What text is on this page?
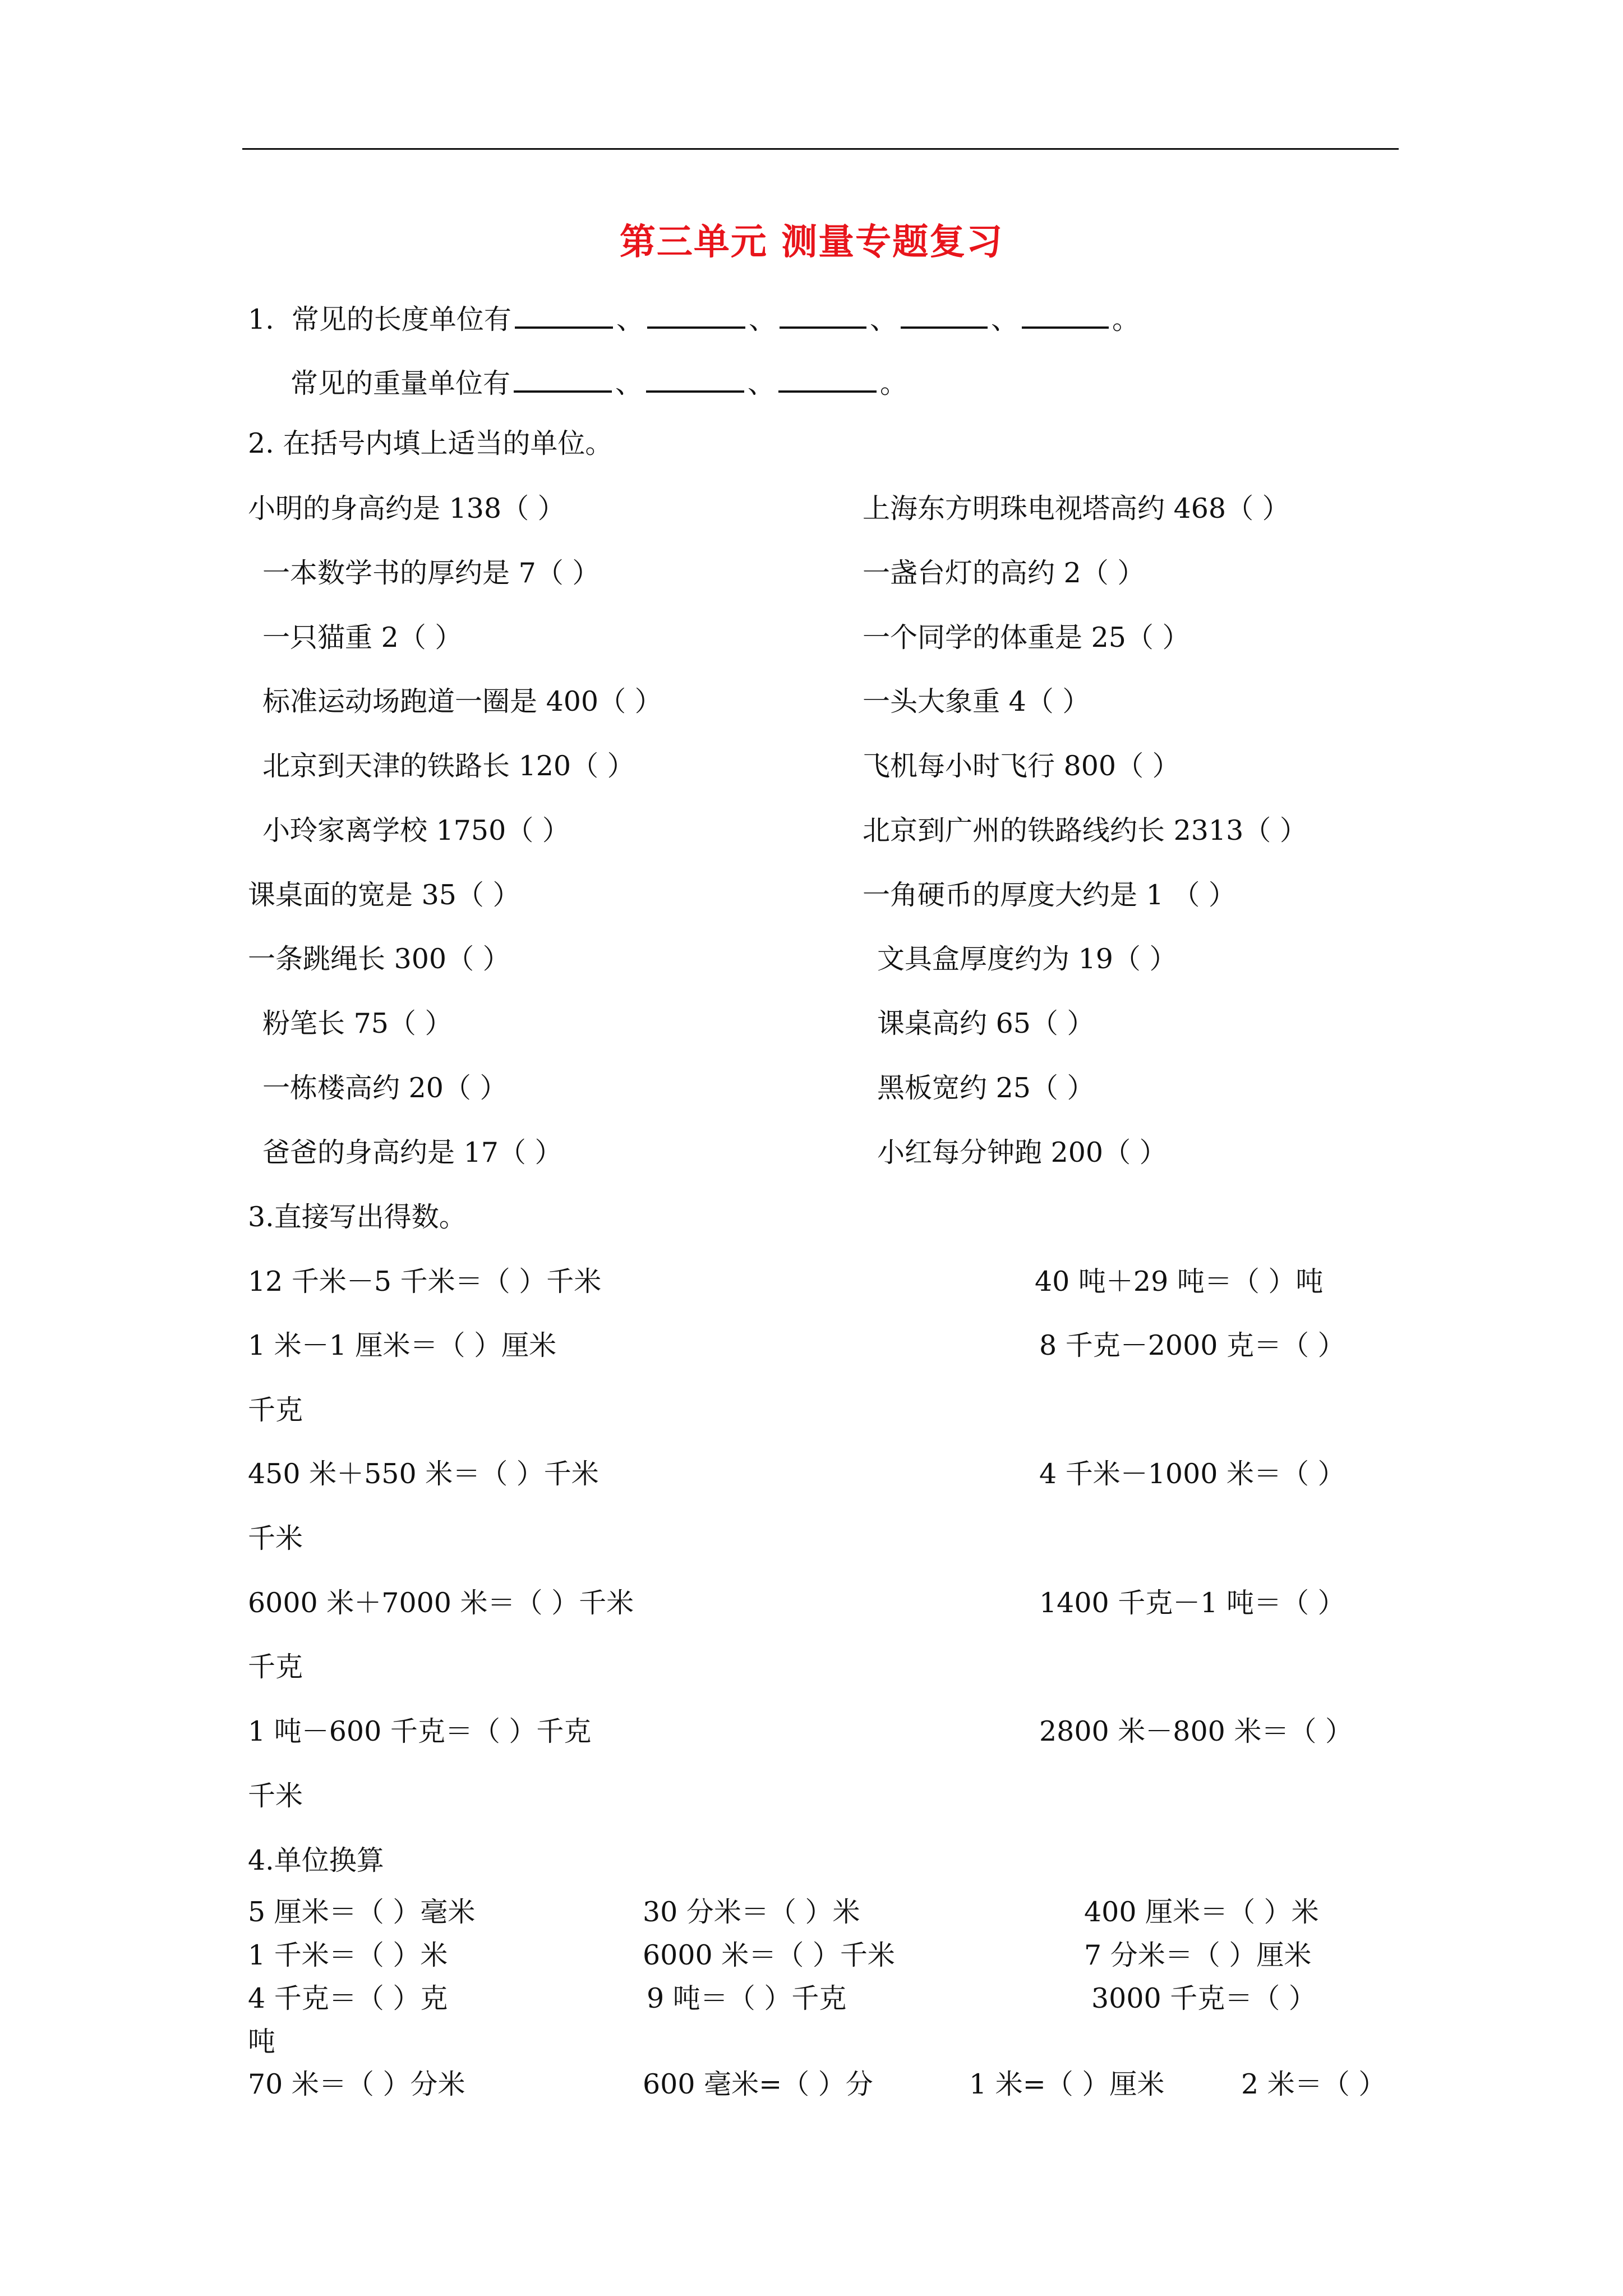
第三单元 测量专题复习
1. 常见的长度单位有	、	、	、	、	。
常见的重量单位有	、	、	。
2. 在括号内填上适当的单位。
小明的身高约是 138（ ）	上海东方明珠电视塔高约 468（ ）
一本数学书的厚约是 7（ ）	一盏台灯的高约 2（ ）
一只猫重 2（ ）	一个同学的体重是 25（ ）
标准运动场跑道一圈是 400（ ）	一头大象重 4（ ）
北京到天津的铁路长 120（ ）	飞机每小时飞行 800（ ）
小玲家离学校 1750（ ）	北京到广州的铁路线约长 2313（ ）
课桌面的宽是 35（ ）	一角硬币的厚度大约是 1 （ ）
一条跳绳长 300（ ）	文具盒厚度约为 19（ ）
粉笔长 75（ ）	课桌高约 65（ ）
一栋楼高约 20（ ）	黑板宽约 25（ ）
爸爸的身高约是 17（ ）	小红每分钟跑 200（ ）
3.直接写出得数。
12 千米－5 千米＝（ ）千米	40 吨＋29 吨＝（ ）吨
1 米－1 厘米＝（ ）厘米	8 千克－2000 克＝（ ）
千克
450 米＋550 米＝（ ）千米	4 千米－1000 米＝（ ）
千米
6000 米＋7000 米＝（ ）千米	1400 千克－1 吨＝（ ）
千克
1 吨－600 千克＝（ ）千克	2800 米－800 米＝（ ）
千米
4.单位换算
5 厘米＝（ ）毫米	30 分米＝（ ）米	400 厘米＝（ ）米
1 千米＝（ ）米	6000 米＝（ ）千米	7 分米＝（ ）厘米
4 千克＝（ ）克	9 吨＝（ ）千克	3000 千克＝（ ）
吨
70 米＝（ ）分米	600 毫米=（ ）分	1 米=（ ）厘米	2 米＝（ ）
